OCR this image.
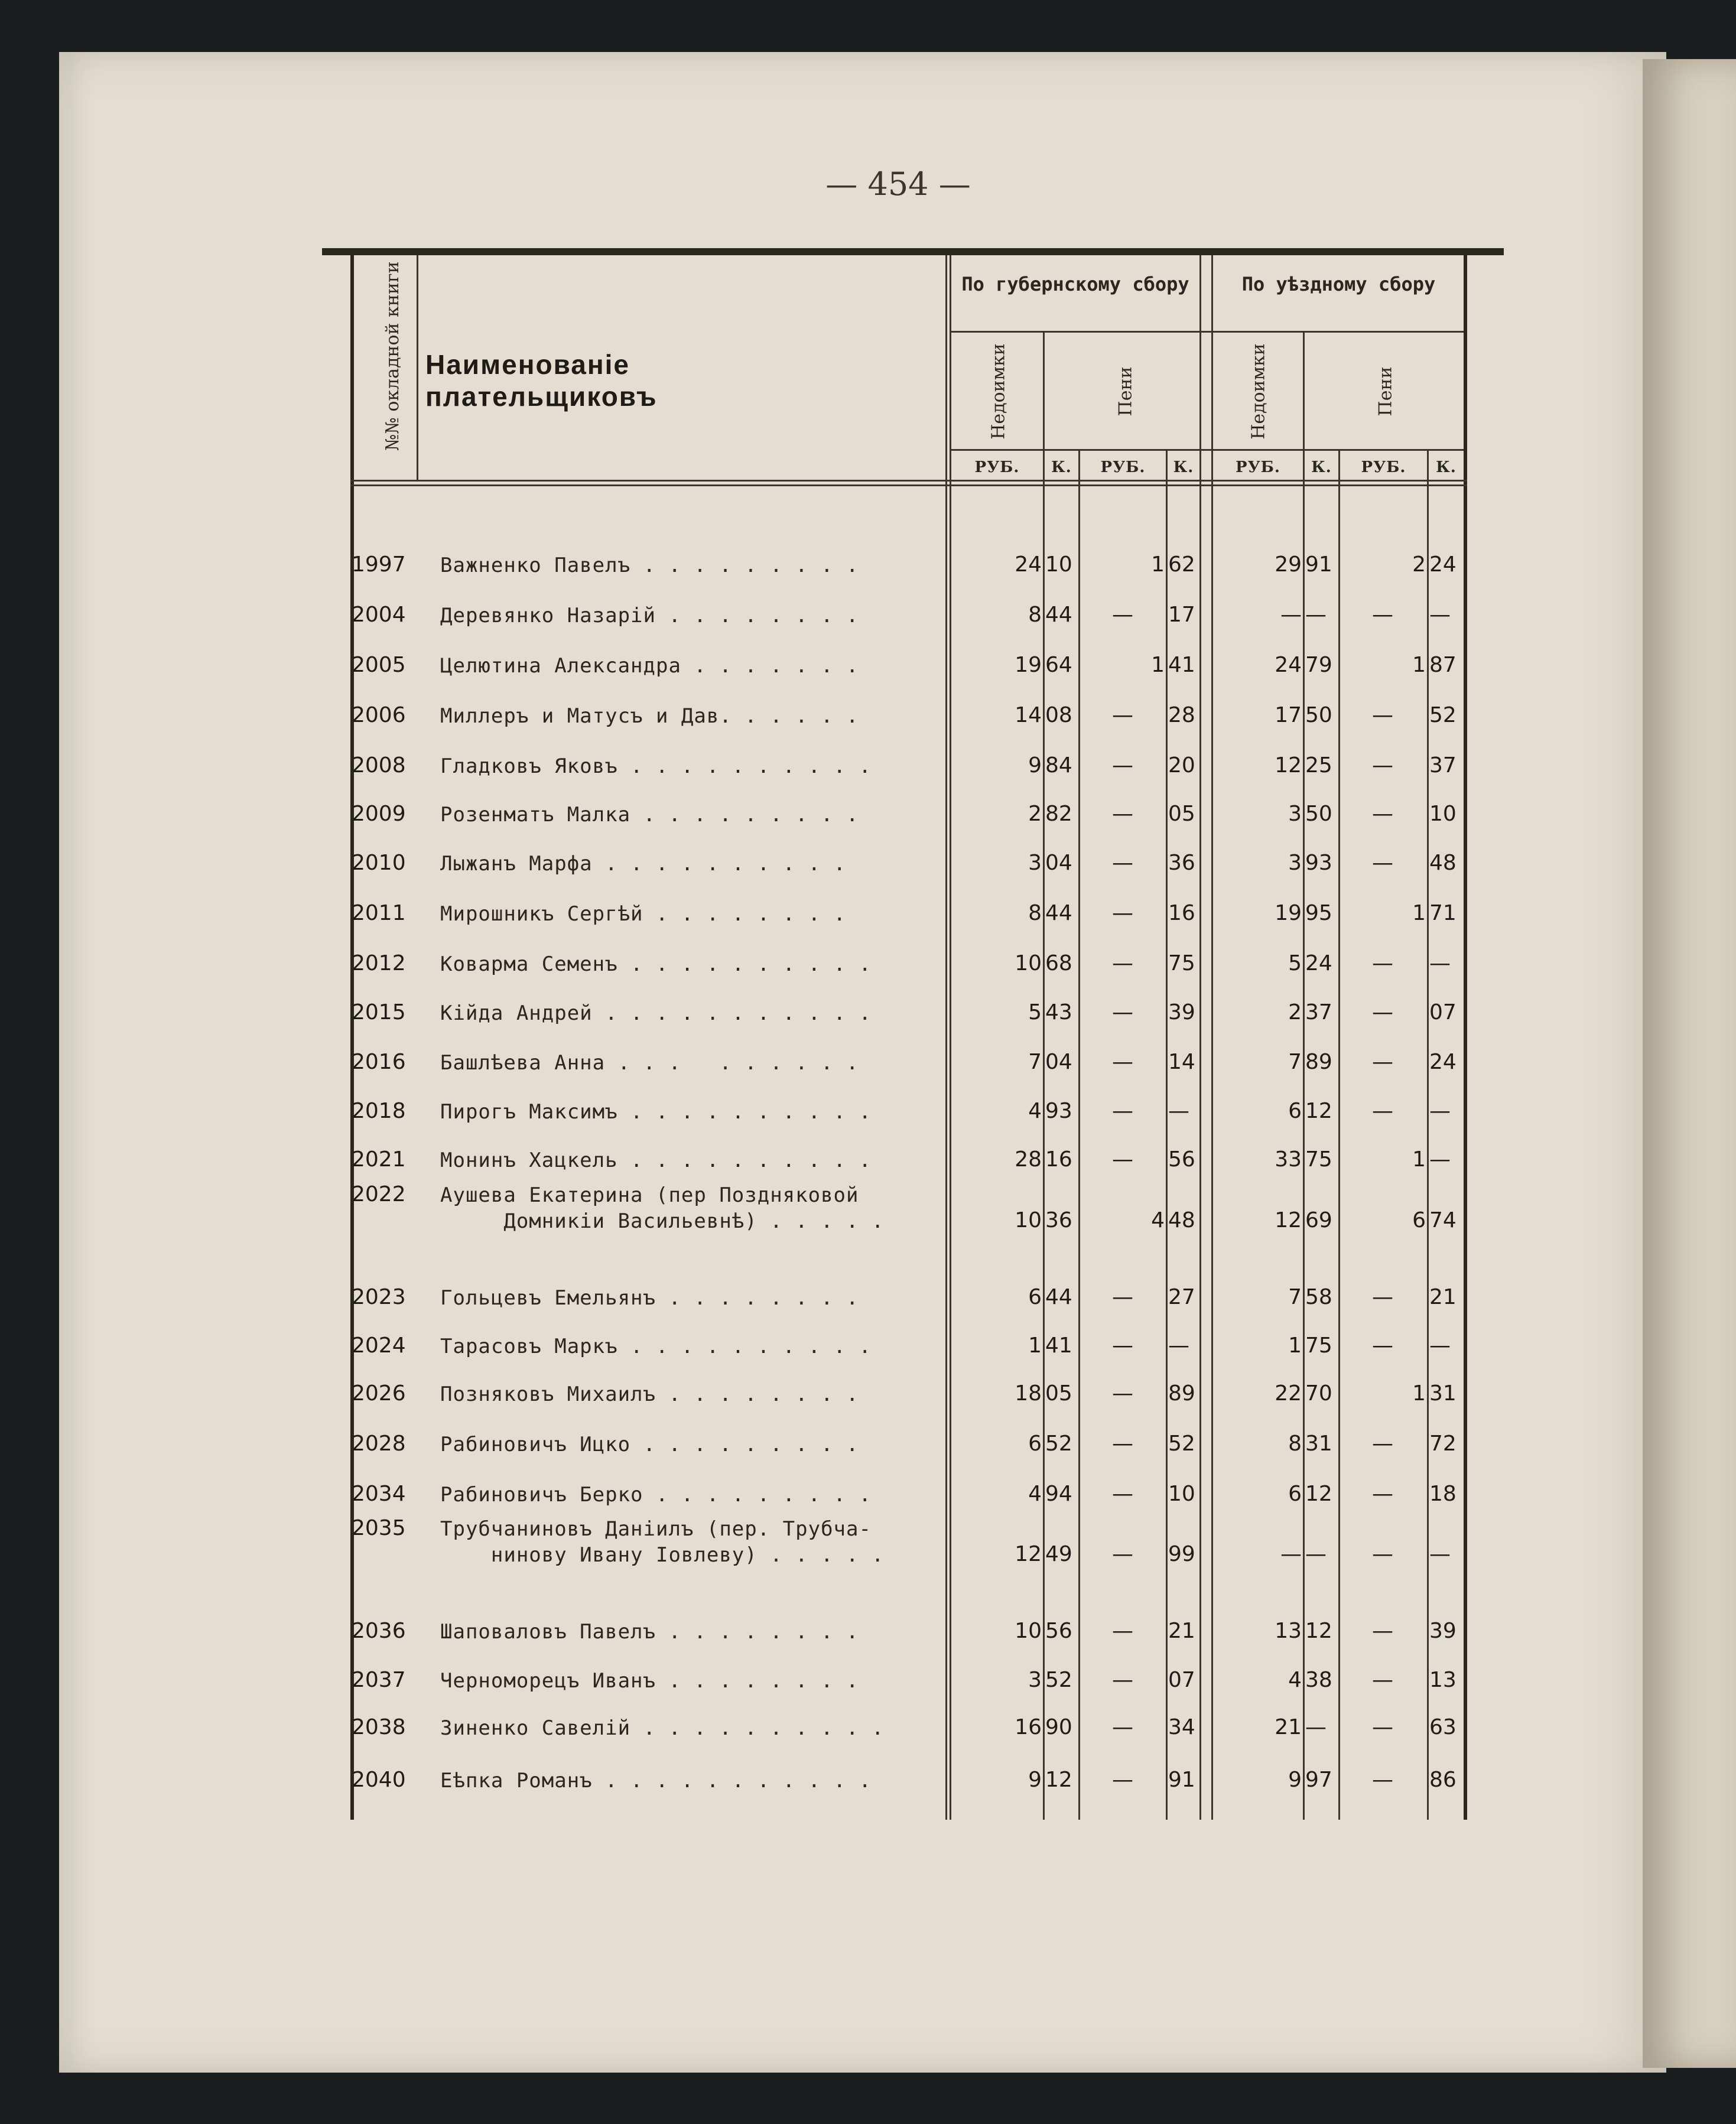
— 454 —
№№ окладной книги Наименованіе плательщиковъ
По губернскому сбору	По уѣздному сбору
Недоимки	Пени	Недоимки	Пени
РУБ.	К.	РУБ.	К.	РУБ.	К.	РУБ.	К.
1997	Важненко Павелъ . . . . . . . . .	24 10	1 62	29 91	2 24
2004	Деревянко Назарій . . . . . . . .	8 44	— 17	— —	— —
2005	Целютина Александра . . . . . . .	19 64	1 41	24 79	1 87
2006	Миллеръ и Матусъ и Дав. . . . . .	14 08	— 28	17 50	— 52
2008	Гладковъ Яковъ . . . . . . . . . .	9 84	— 20	12 25	— 37
2009	Розенматъ Малка . . . . . . . . .	2 82	— 05	3 50	— 10
2010	Лыжанъ Марфа . . . . . . . . . .	3 04	— 36	3 93	— 48
2011	Мирошникъ Сергѣй . . . . . . . .	8 44	— 16	19 95	1 71
2012	Коварма Семенъ . . . . . . . . . .	10 68	— 75	5 24	— —
2015	Кійда Андрей . . . . . . . . . . .	5 43	— 39	2 37	— 07
2016	Башлѣева Анна . . .   . . . . . .	7 04	— 14	7 89	— 24
2018	Пирогъ Максимъ . . . . . . . . . .	4 93	— —	6 12	— —
2021	Монинъ Хацкель . . . . . . . . . .	28 16	— 56	33 75	1 —
2022	Аушева Екатерина (пер Поздняковой
Домникіи Васильевнѣ) . . . . .	10 36	4 48	12 69	6 74
2023	Гольцевъ Емельянъ . . . . . . . .	6 44	— 27	7 58	— 21
2024	Тарасовъ Маркъ . . . . . . . . . .	1 41	— —	1 75	— —
2026	Позняковъ Михаилъ . . . . . . . .	18 05	— 89	22 70	1 31
2028	Рабиновичъ Ицко . . . . . . . . .	6 52	— 52	8 31	— 72
2034	Рабиновичъ Берко . . . . . . . . .	4 94	— 10	6 12	— 18
2035	Трубчаниновъ Даніилъ (пер. Трубча-
нинову Ивану Іовлеву) . . . . .	12 49	— 99	— —	— —
2036	Шаповаловъ Павелъ . . . . . . . .	10 56	— 21	13 12	— 39
2037	Черноморецъ Иванъ . . . . . . . .	3 52	— 07	4 38	— 13
2038	Зиненко Савелій . . . . . . . . . .	16 90	— 34	21 —	— 63
2040	Еѣпка Романъ . . . . . . . . . . .	9 12	— 91	9 97	— 86
